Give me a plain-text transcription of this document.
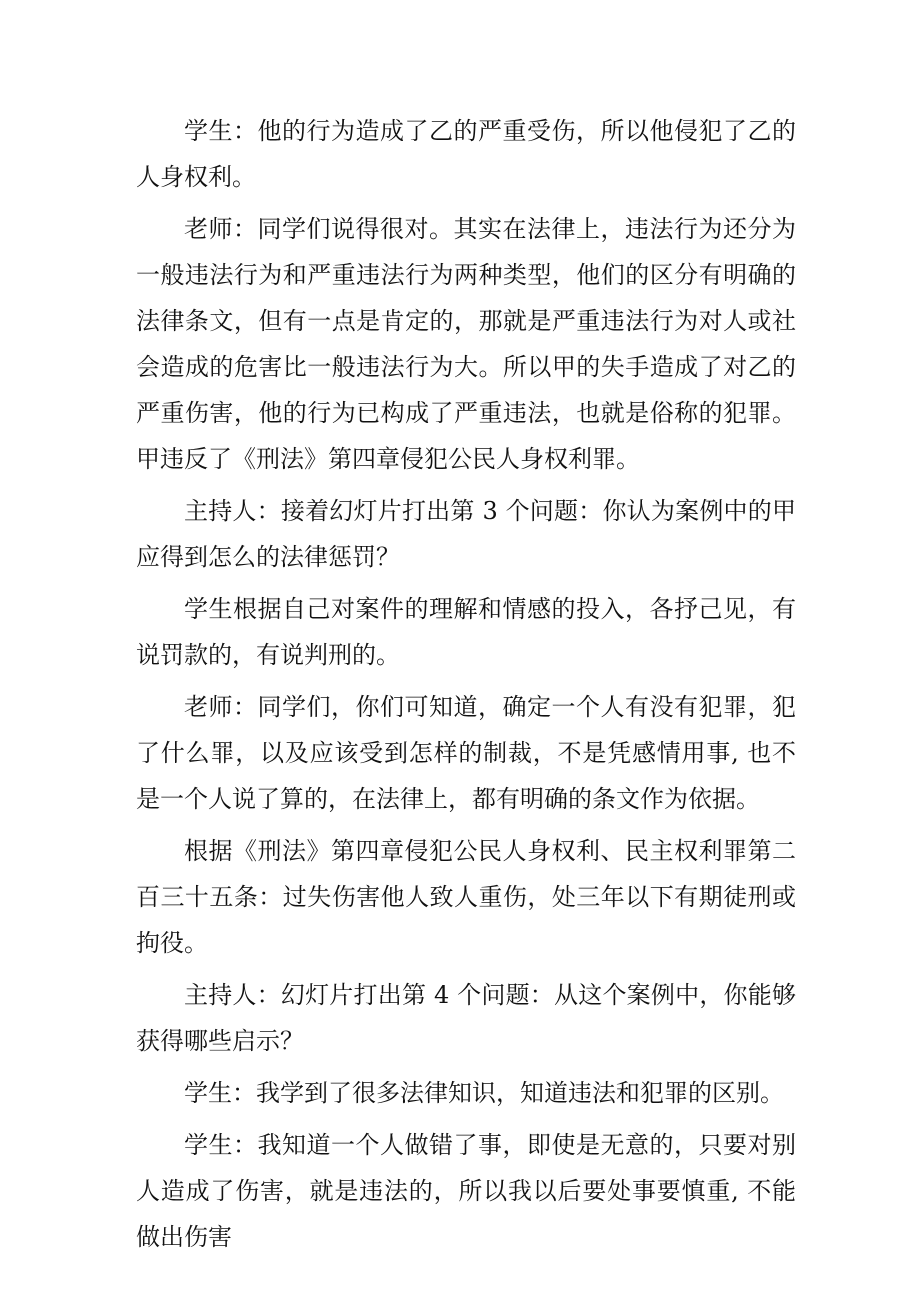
学生：他的行为造成了乙的严重受伤，所以他侵犯了乙的人身权利。

老师：同学们说得很对。其实在法律上，违法行为还分为一般违法行为和严重违法行为两种类型，他们的区分有明确的法律条文，但有一点是肯定的，那就是严重违法行为对人或社会造成的危害比一般违法行为大。所以甲的失手造成了对乙的严重伤害，他的行为已构成了严重违法，也就是俗称的犯罪。甲违反了《刑法》第四章侵犯公民人身权利罪。

主持人：接着幻灯片打出第 3 个问题：你认为案例中的甲应得到怎么的法律惩罚？

学生根据自己对案件的理解和情感的投入，各抒己见，有说罚款的，有说判刑的。

老师：同学们，你们可知道，确定一个人有没有犯罪，犯了什么罪，以及应该受到怎样的制裁，不是凭感情用事, 也不是一个人说了算的，在法律上，都有明确的条文作为依据。

根据《刑法》第四章侵犯公民人身权利、民主权利罪第二百三十五条：过失伤害他人致人重伤，处三年以下有期徒刑或拘役。

主持人：幻灯片打出第 4 个问题：从这个案例中，你能够获得哪些启示？

学生：我学到了很多法律知识，知道违法和犯罪的区别。

学生：我知道一个人做错了事，即使是无意的，只要对别人造成了伤害，就是违法的，所以我以后要处事要慎重, 不能做出伤害
